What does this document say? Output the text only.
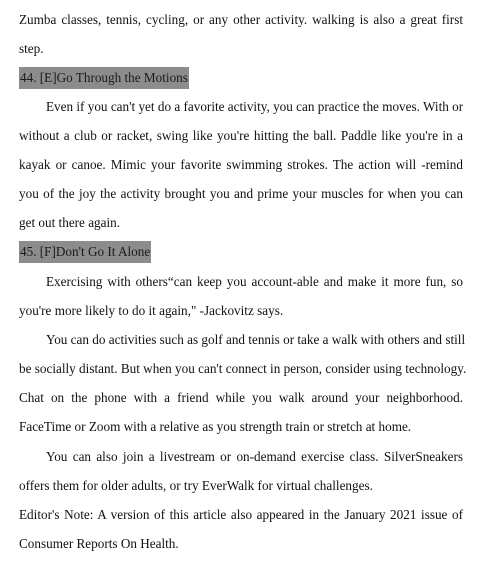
Zumba classes, tennis, cycling, or any other activity. walking is also a great first
step.
44. [E]Go Through the Motions
Even if you can't yet do a favorite activity, you can practice the moves. With or
without a club or racket, swing like you're hitting the ball. Paddle like you're in a
kayak or canoe. Mimic your favorite swimming strokes. The action will -remind
you of the joy the activity brought you and prime your muscles for when you can
get out there again.
45. [F]Don't Go It Alone
Exercising with others“can keep you account-able and make it more fun, so
you're more likely to do it again," -Jackovitz says.
You can do activities such as golf and tennis or take a walk with others and still
be socially distant. But when you can't connect in person, consider using technology.
Chat on the phone with a friend while you walk around your neighborhood.
FaceTime or Zoom with a relative as you strength train or stretch at home.
You can also join a livestream or on-demand exercise class. SilverSneakers
offers them for older adults, or try EverWalk for virtual challenges.
Editor's Note: A version of this article also appeared in the January 2021 issue of
Consumer Reports On Health.
